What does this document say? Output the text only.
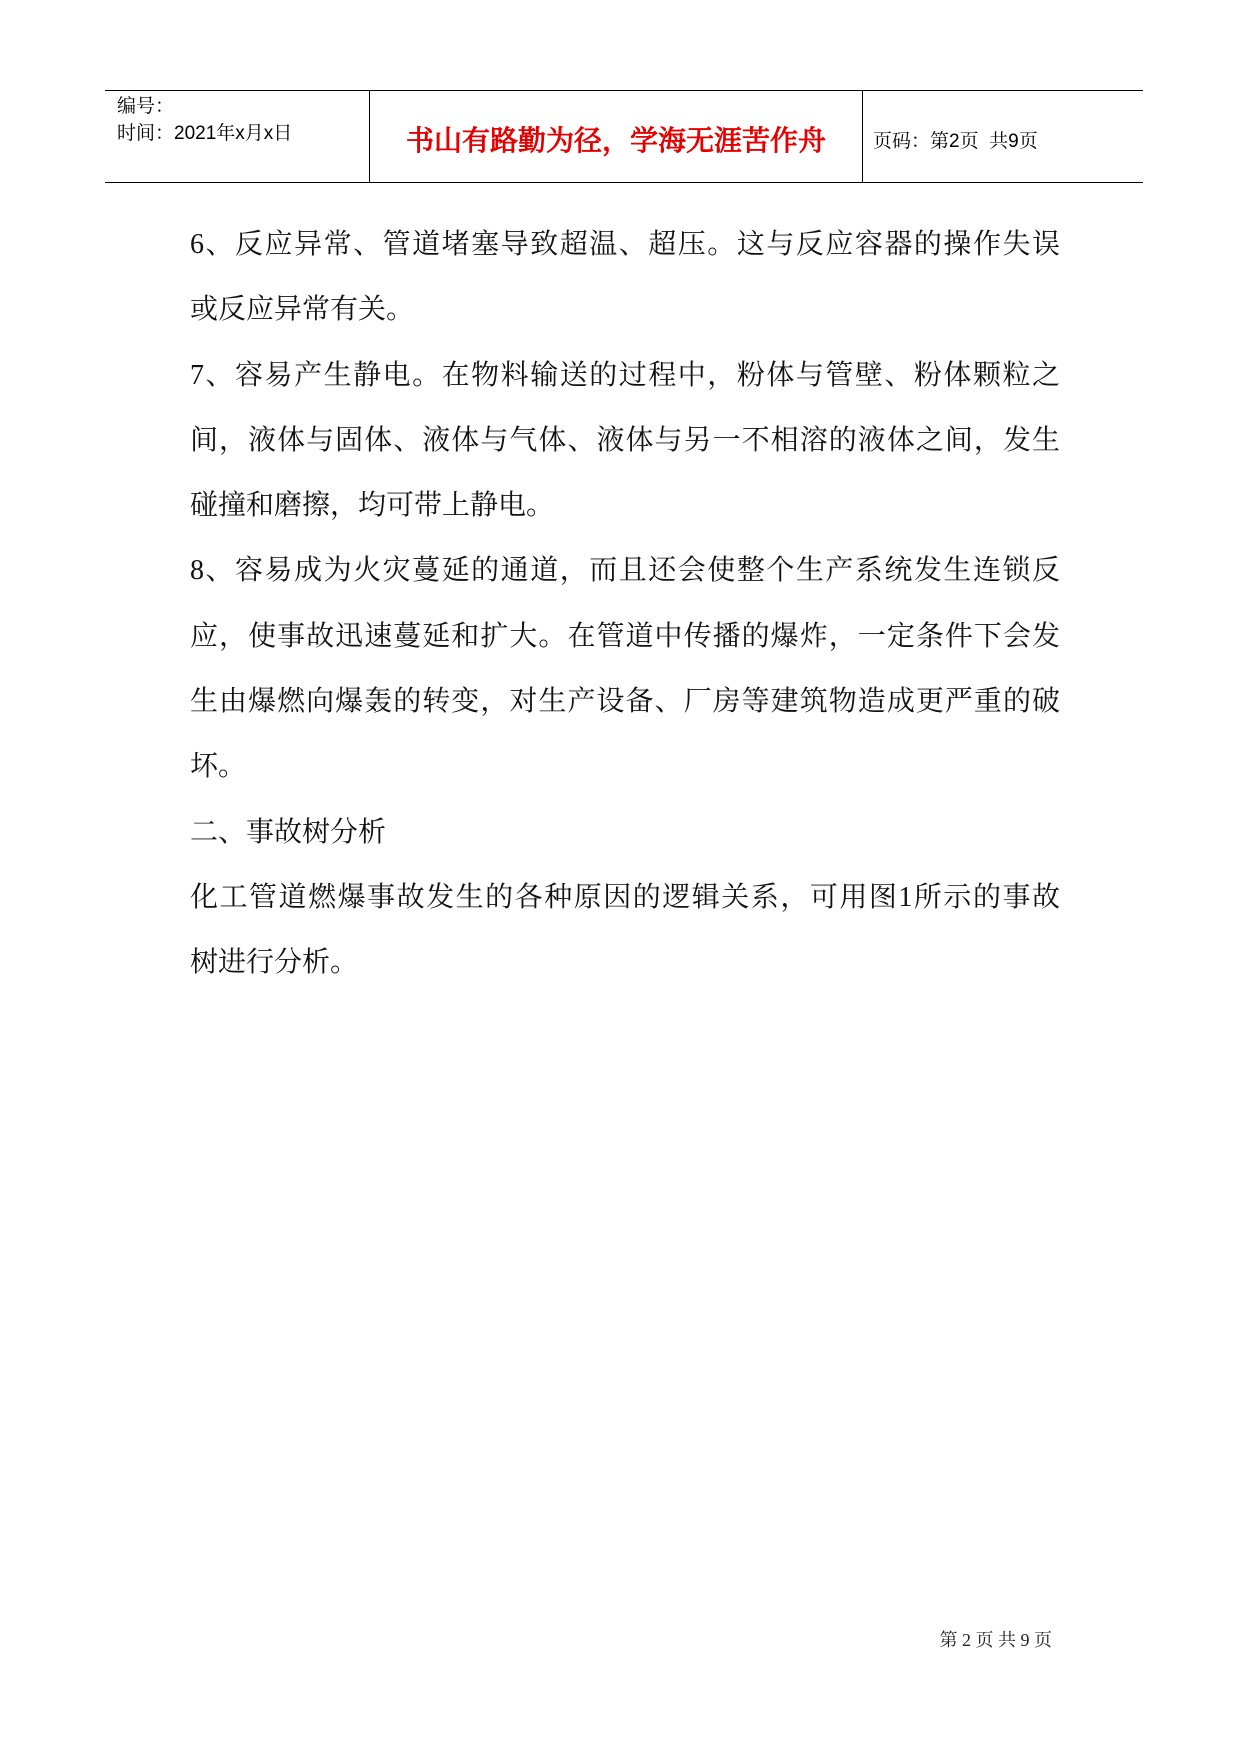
编号：
时间：2021年x月x日	书山有路勤为径，学海无涯苦作舟	页码：第2页  共9页
6、反应异常、管道堵塞导致超温、超压。这与反应容器的操作失误
或反应异常有关。
7、容易产生静电。在物料输送的过程中，粉体与管壁、粉体颗粒之
间，液体与固体、液体与气体、液体与另一不相溶的液体之间，发生
碰撞和磨擦，均可带上静电。
8、容易成为火灾蔓延的通道，而且还会使整个生产系统发生连锁反
应，使事故迅速蔓延和扩大。在管道中传播的爆炸，一定条件下会发
生由爆燃向爆轰的转变，对生产设备、厂房等建筑物造成更严重的破
坏。
二、事故树分析
化工管道燃爆事故发生的各种原因的逻辑关系，可用图1所示的事故
树进行分析。
第 2 页 共 9 页
